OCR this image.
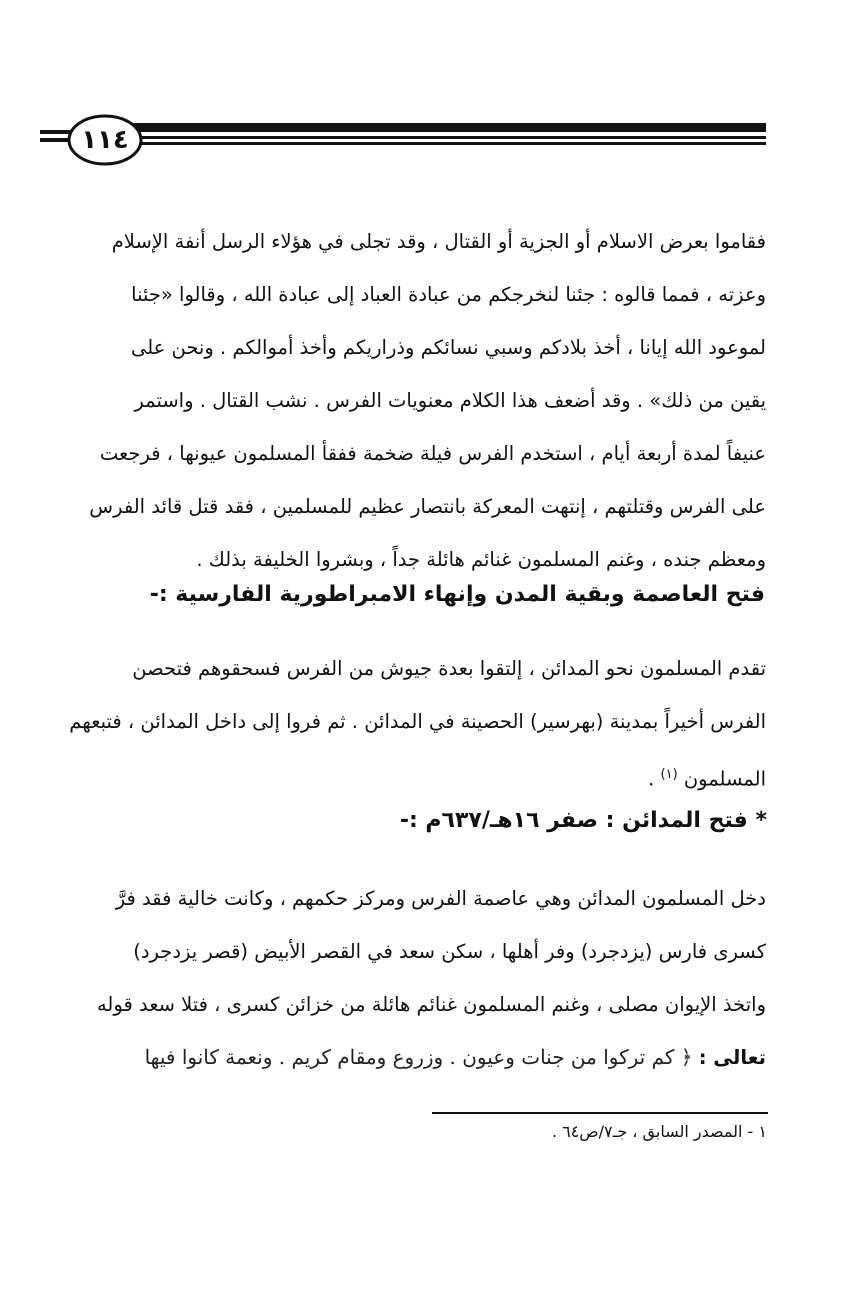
١١٤
فقاموا بعرض الاسلام أو الجزية أو القتال ، وقد تجلى في هؤلاء الرسل أنفة الإسلام
وعزته ، فمما قالوه : جئنا لنخرجكم من عبادة العباد إلى عبادة الله ، وقالوا «جئنا
لموعود الله إيانا ، أخذ بلادكم وسبي نسائكم وذراريكم وأخذ أموالكم . ونحن على
يقين من ذلك» . وقد أضعف هذا الكلام معنويات الفرس . نشب القتال . واستمر
عنيفاً لمدة أربعة أيام ، استخدم الفرس فيلة ضخمة ففقأ المسلمون عيونها ، فرجعت
على الفرس وقتلتهم ، إنتهت المعركة بانتصار عظيم للمسلمين ، فقد قتل قائد الفرس
ومعظم جنده ، وغنم المسلمون غنائم هائلة جداً ، وبشروا الخليفة بذلك .
فتح العاصمة وبقية المدن وإنهاء الامبراطورية الفارسية :-
تقدم المسلمون نحو المدائن ، إلتقوا بعدة جيوش من الفرس فسحقوهم فتحصن
الفرس أخيراً بمدينة (بهرسير) الحصينة في المدائن . ثم فروا إلى داخل المدائن ، فتبعهم
المسلمون $^{(١)}$ .
* فتح المدائن : صفر ١٦هـ/٦٣٧م :-
دخل المسلمون المدائن وهي عاصمة الفرس ومركز حكمهم ، وكانت خالية فقد فرَّ
كسرى فارس (يزدجرد) وفر أهلها ، سكن سعد في القصر الأبيض (قصر يزدجرد)
واتخذ الإيوان مصلى ، وغنم المسلمون غنائم هائلة من خزائن كسرى ، فتلا سعد قوله
تعالى : ﴿ كم تركوا من جنات وعيون . وزروع ومقام كريم . ونعمة كانوا فيها
١ - المصدر السابق ، جـ٧/ص٦٤ .
